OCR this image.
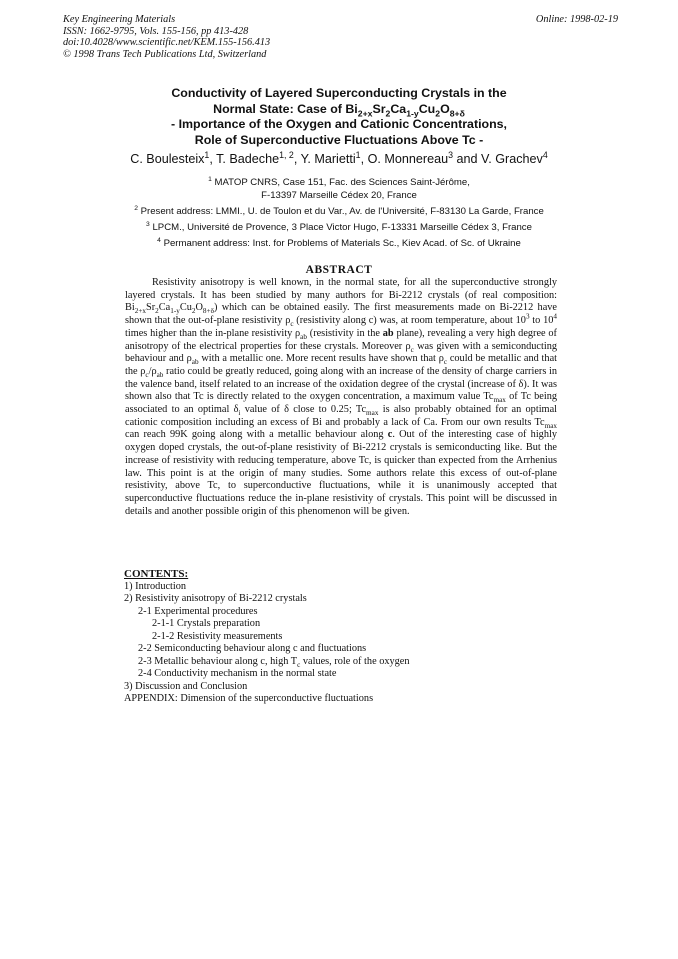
Key Engineering Materials
ISSN: 1662-9795, Vols. 155-156, pp 413-428
doi:10.4028/www.scientific.net/KEM.155-156.413
© 1998 Trans Tech Publications Ltd, Switzerland
Online: 1998-02-19
Conductivity of Layered Superconducting Crystals in the
Normal State: Case of $Bi_{2+x}Sr_2Ca_{1-y}Cu_2O_{8+\delta}$
- Importance of the Oxygen and Cationic Concentrations,
Role of Superconductive Fluctuations Above Tc -
C. Boulesteix$^1$, T. Badeche$^{1, 2}$, Y. Marietti$^1$, O. Monnereau$^3$ and V. Grachev$^4$
$^1$ MATOP CNRS, Case 151, Fac. des Sciences Saint-Jérôme,
F-13397 Marseille Cédex 20, France
$^2$ Present address: LMMI., U. de Toulon et du Var., Av. de l'Université, F-83130 La Garde, France
$^3$ LPCM., Université de Provence, 3 Place Victor Hugo, F-13331 Marseille Cédex 3, France
$^4$ Permanent address: Inst. for Problems of Materials Sc., Kiev Acad. of Sc. of Ukraine
ABSTRACT

Resistivity anisotropy is well known, in the normal state, for all the superconductive strongly layered crystals. It has been studied by many authors for Bi-2212 crystals (of real composition: $Bi_{2+x}Sr_2Ca_{1-y}Cu_2O_{8+\delta}$) which can be obtained easily. The first measurements made on Bi-2212 have shown that the out-of-plane resistivity $\rho_c$ (resistivity along c) was, at room temperature, about $10^3$ to $10^4$ times higher than the in-plane resistivity $\rho_{ab}$ (resistivity in the ab plane), revealing a very high degree of anisotropy of the electrical properties for these crystals. Moreover $\rho_c$ was given with a semiconducting behaviour and $\rho_{ab}$ with a metallic one. More recent results have shown that $\rho_c$ could be metallic and that the $\rho_c/\rho_{ab}$ ratio could be greatly reduced, going along with an increase of the density of charge carriers in the valence band, itself related to an increase of the oxidation degree of the crystal (increase of δ). It was shown also that Tc is directly related to the oxygen concentration, a maximum value $Tc_{max}$ of Tc being associated to an optimal $\delta_i$ value of δ close to 0.25; $Tc_{max}$ is also probably obtained for an optimal cationic composition including an excess of Bi and probably a lack of Ca. From our own results $Tc_{max}$ can reach 99K going along with a metallic behaviour along c. Out of the interesting case of highly oxygen doped crystals, the out-of-plane resistivity of Bi-2212 crystals is semiconducting like. But the increase of resistivity with reducing temperature, above Tc, is quicker than expected from the Arrhenius law. This point is at the origin of many studies. Some authors relate this excess of out-of-plane resistivity, above Tc, to superconductive fluctuations, while it is unanimously accepted that superconductive fluctuations reduce the in-plane resistivity of crystals. This point will be discussed in details and another possible origin of this phenomenon will be given.

CONTENTS:
1) Introduction
2) Resistivity anisotropy of Bi-2212 crystals
2-1 Experimental procedures
2-1-1 Crystals preparation
2-1-2 Resistivity measurements
2-2 Semiconducting behaviour along c and fluctuations
2-3 Metallic behaviour along c, high $T_c$ values, role of the oxygen
2-4 Conductivity mechanism in the normal state
3) Discussion and Conclusion
APPENDIX: Dimension of the superconductive fluctuations
